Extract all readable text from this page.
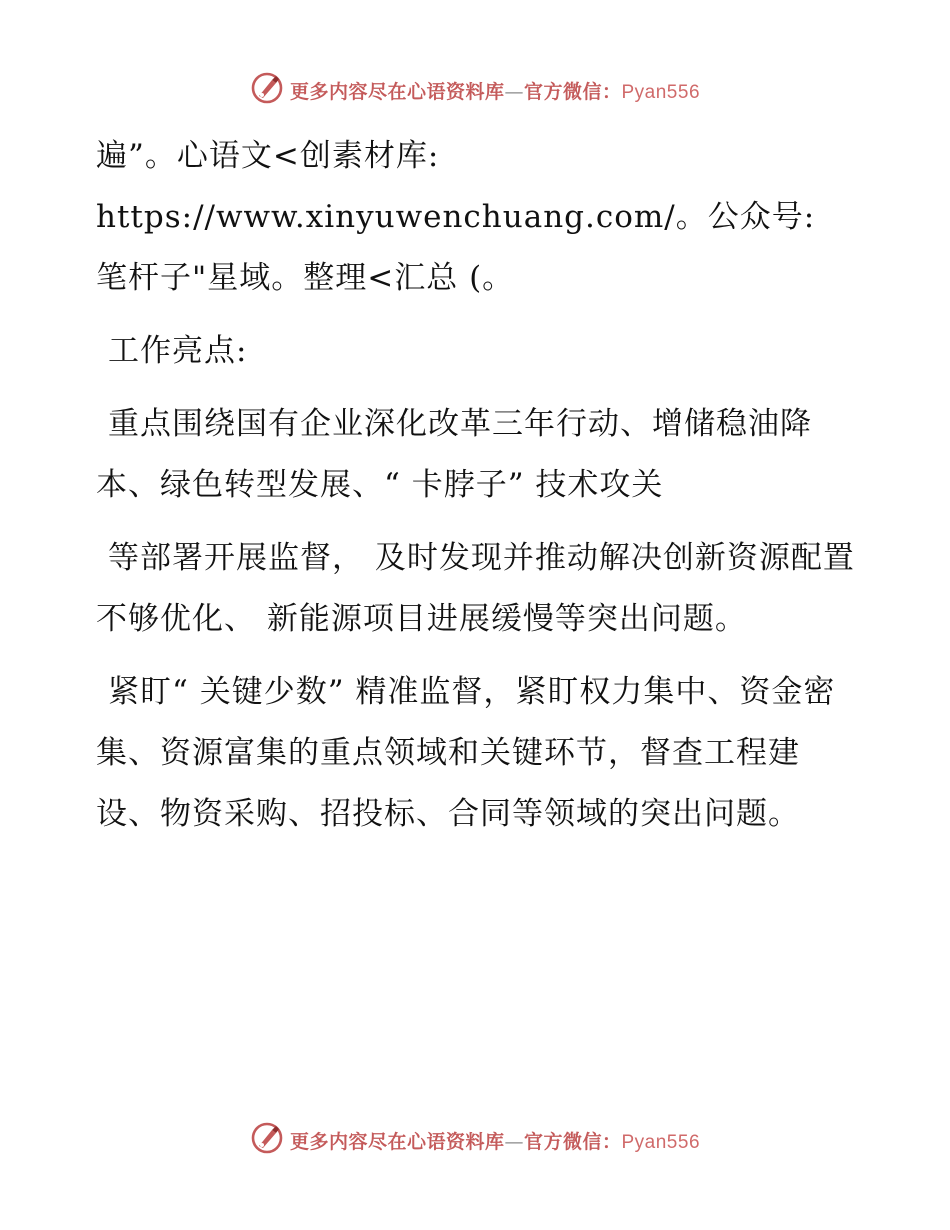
更多内容尽在心语资料库—官方微信：Pyan556

遍”。心语文<创素材库: https://www.xinyuwenchuang.com/。公众号: 笔杆子"星域。整理<汇总 (。

工作亮点:

重点围绕国有企业深化改革三年行动、增储稳油降本、绿色转型发展、“ 卡脖子” 技术攻关

等部署开展监督， 及时发现并推动解决创新资源配置不够优化、 新能源项目进展缓慢等突出问题。

紧盯“ 关键少数” 精准监督，紧盯权力集中、资金密集、资源富集的重点领域和关键环节，督查工程建设、物资采购、招投标、合同等领域的突出问题。

更多内容尽在心语资料库—官方微信：Pyan556
